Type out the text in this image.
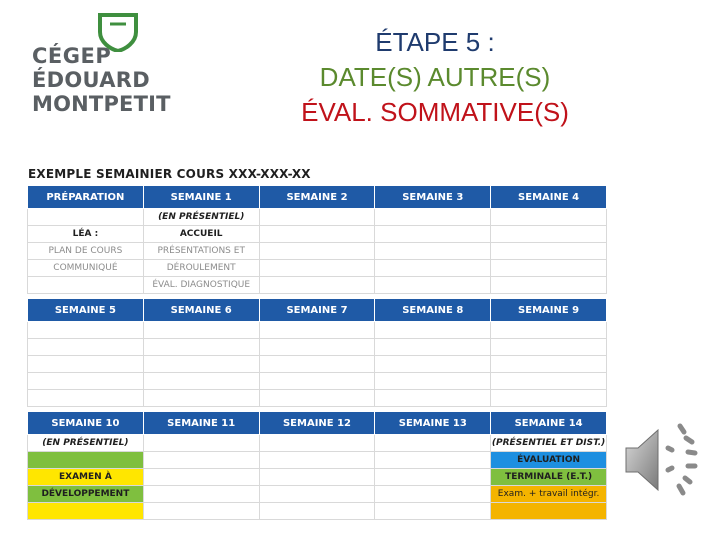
CÉGEP
ÉDOUARD
MONTPETIT
ÉTAPE 5 :
DATE(S) AUTRE(S)
ÉVAL. SOMMATIVE(S)
EXEMPLE SEMAINIER COURS XXX-XXX-XX
PRÉPARATION	SEMAINE 1	SEMAINE 2	SEMAINE 3	SEMAINE 4
	(EN PRÉSENTIEL)			
LÉA :	ACCUEIL			
PLAN DE COURS	PRÉSENTATIONS ET			
COMMUNIQUÉ	DÉROULEMENT			
	ÉVAL. DIAGNOSTIQUE			
SEMAINE 5	SEMAINE 6	SEMAINE 7	SEMAINE 8	SEMAINE 9

SEMAINE 10	SEMAINE 11	SEMAINE 12	SEMAINE 13	SEMAINE 14
(EN PRÉSENTIEL)				(PRÉSENTIEL ET DIST.)
				ÉVALUATION
EXAMEN À				TERMINALE (E.T.)
DÉVELOPPEMENT				Exam. + travail intégr.
